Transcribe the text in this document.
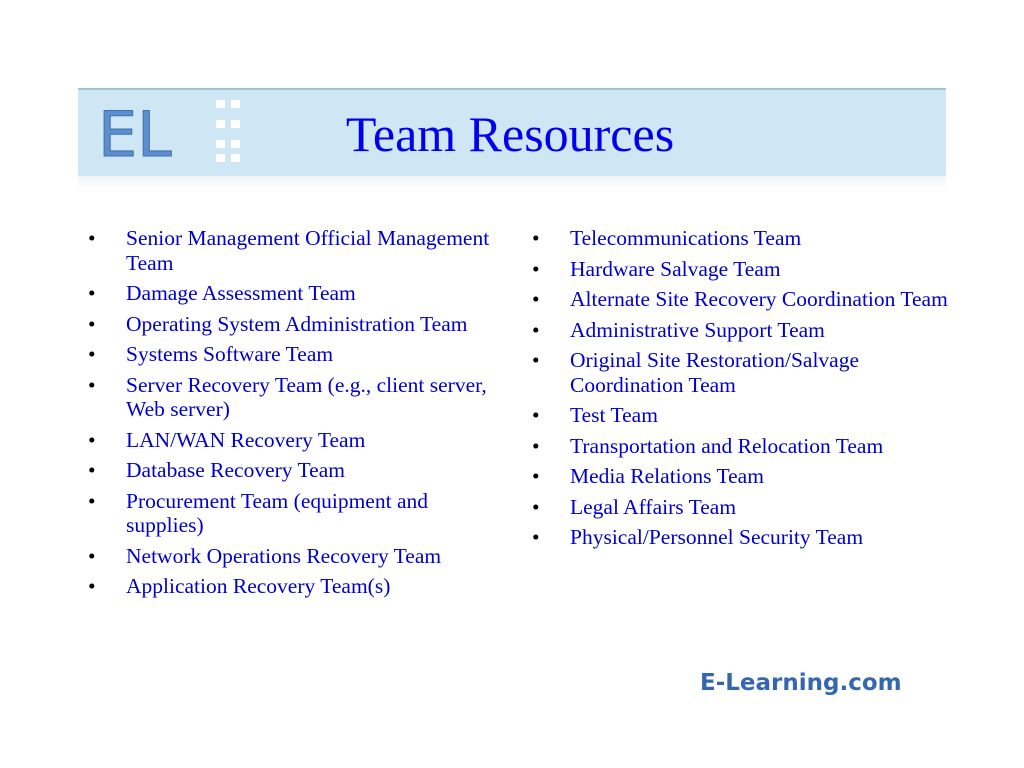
EL	Team Resources
• Senior Management Official Management Team
• Damage Assessment Team
• Operating System Administration Team
• Systems Software Team
• Server Recovery Team (e.g., client server, Web server)
• LAN/WAN Recovery Team
• Database Recovery Team
• Procurement Team (equipment and supplies)
• Network Operations Recovery Team
• Application Recovery Team(s)
• Telecommunications Team
• Hardware Salvage Team
• Alternate Site Recovery Coordination Team
• Administrative Support Team
• Original Site Restoration/Salvage Coordination Team
• Test Team
• Transportation and Relocation Team
• Media Relations Team
• Legal Affairs Team
• Physical/Personnel Security Team
E-Learning.com
